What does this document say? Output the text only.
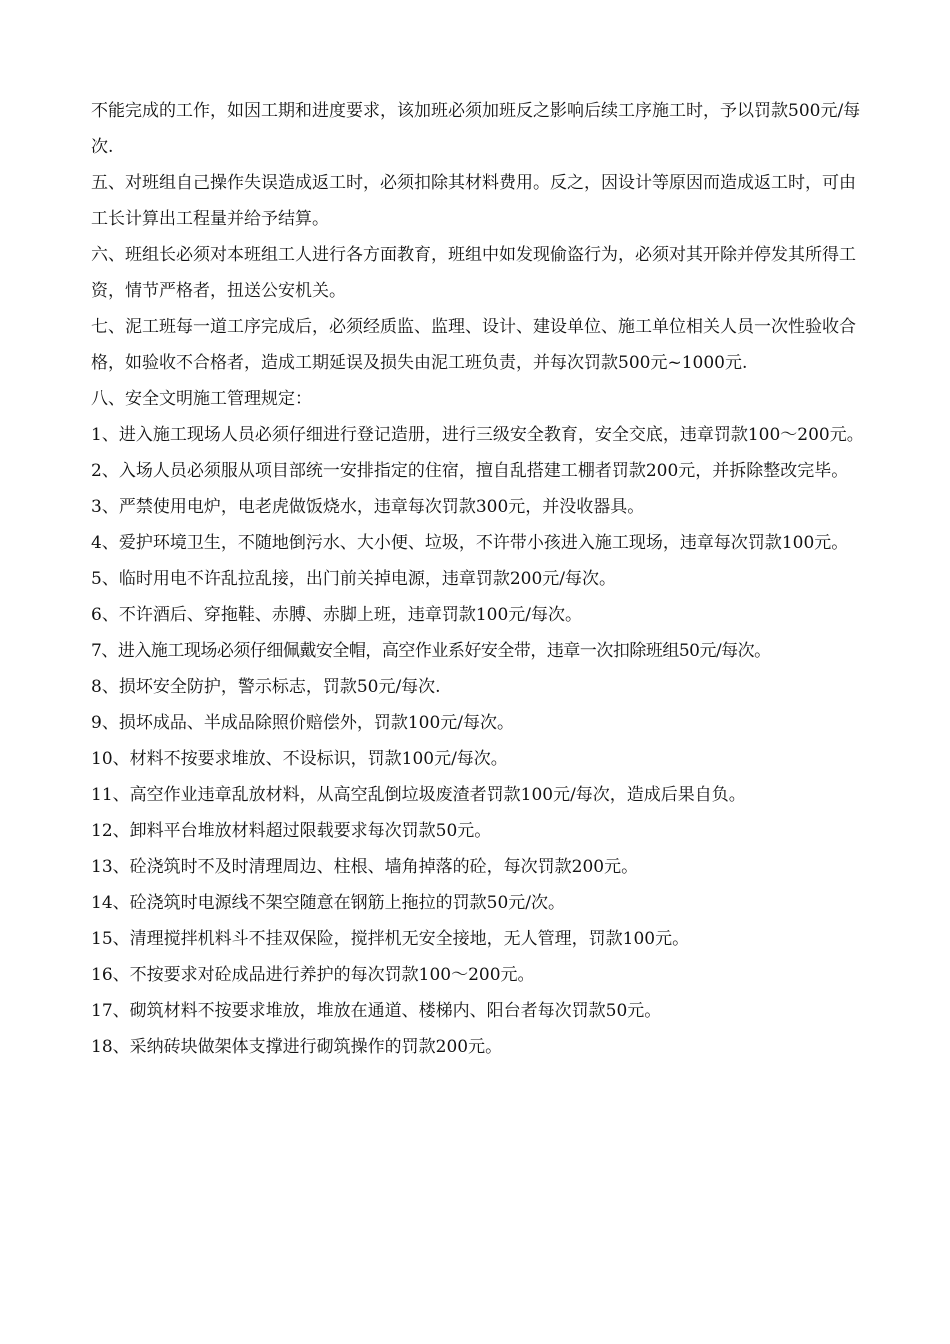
不能完成的工作，如因工期和进度要求，该加班必须加班反之影响后续工序施工时，予以罚款500元/每次.

五、对班组自己操作失误造成返工时，必须扣除其材料费用。反之，因设计等原因而造成返工时，可由工长计算出工程量并给予结算。

六、班组长必须对本班组工人进行各方面教育，班组中如发现偷盗行为，必须对其开除并停发其所得工资，情节严格者，扭送公安机关。

七、泥工班每一道工序完成后，必须经质监、监理、设计、建设单位、施工单位相关人员一次性验收合格，如验收不合格者，造成工期延误及损失由泥工班负责，并每次罚款500元~1000元.

八、安全文明施工管理规定：

1、进入施工现场人员必须仔细进行登记造册，进行三级安全教育，安全交底，违章罚款100～200元。

2、入场人员必须服从项目部统一安排指定的住宿，擅自乱搭建工棚者罚款200元，并拆除整改完毕。

3、严禁使用电炉，电老虎做饭烧水，违章每次罚款300元，并没收器具。

4、爱护环境卫生，不随地倒污水、大小便、垃圾，不许带小孩进入施工现场，违章每次罚款100元。

5、临时用电不许乱拉乱接，出门前关掉电源，违章罚款200元/每次。

6、不许酒后、穿拖鞋、赤膊、赤脚上班，违章罚款100元/每次。

7、进入施工现场必须仔细佩戴安全帽，高空作业系好安全带，违章一次扣除班组50元/每次。

8、损坏安全防护，警示标志，罚款50元/每次.

9、损坏成品、半成品除照价赔偿外，罚款100元/每次。

10、材料不按要求堆放、不设标识，罚款100元/每次。

11、高空作业违章乱放材料，从高空乱倒垃圾废渣者罚款100元/每次，造成后果自负。

12、卸料平台堆放材料超过限载要求每次罚款50元。

13、砼浇筑时不及时清理周边、柱根、墙角掉落的砼，每次罚款200元。

14、砼浇筑时电源线不架空随意在钢筋上拖拉的罚款50元/次。

15、清理搅拌机料斗不挂双保险，搅拌机无安全接地，无人管理，罚款100元。

16、不按要求对砼成品进行养护的每次罚款100～200元。

17、砌筑材料不按要求堆放，堆放在通道、楼梯内、阳台者每次罚款50元。

18、采纳砖块做架体支撑进行砌筑操作的罚款200元。
